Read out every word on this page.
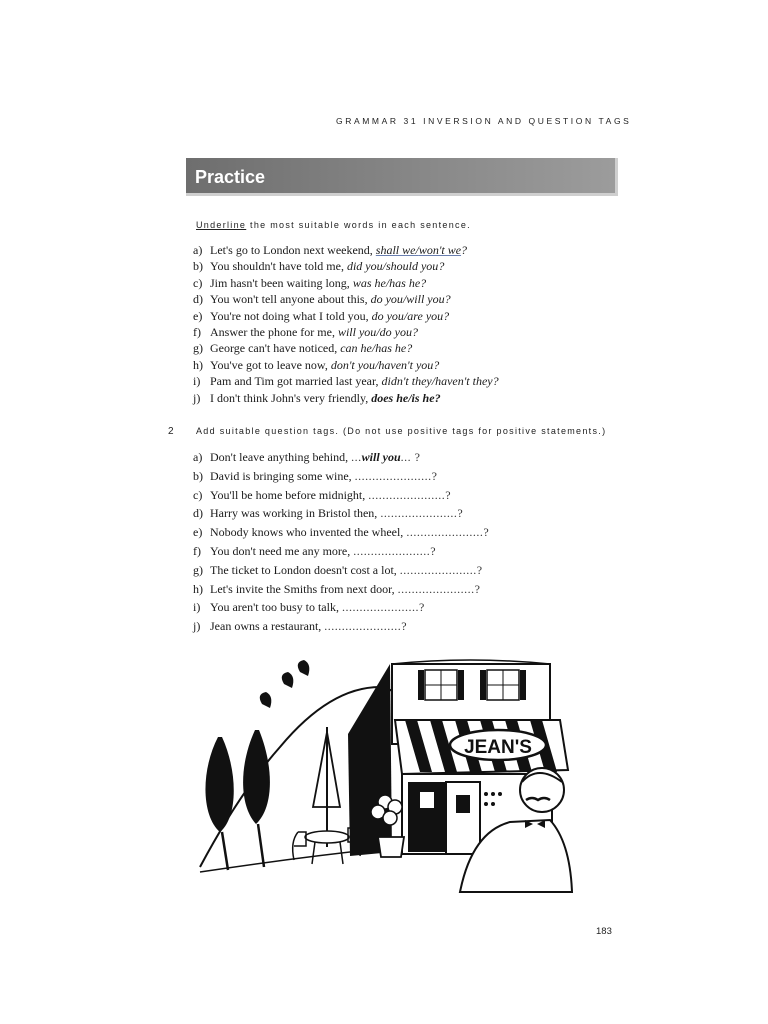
GRAMMAR 31 INVERSION AND QUESTION TAGS
Practice
Underline the most suitable words in each sentence.
a) Let's go to London next weekend, shall we/won't we?
b) You shouldn't have told me, did you/should you?
c) Jim hasn't been waiting long, was he/has he?
d) You won't tell anyone about this, do you/will you?
e) You're not doing what I told you, do you/are you?
f) Answer the phone for me, will you/do you?
g) George can't have noticed, can he/has he?
h) You've got to leave now, don't you/haven't you?
i) Pam and Tim got married last year, didn't they/haven't they?
j) I don't think John's very friendly, does he/is he?
2 Add suitable question tags. (Do not use positive tags for positive statements.)
a) Don't leave anything behind, ...will you... ?
b) David is bringing some wine, ......................?
c) You'll be home before midnight, ......................?
d) Harry was working in Bristol then, ......................?
e) Nobody knows who invented the wheel, ......................?
f) You don't need me any more, ......................?
g) The ticket to London doesn't cost a lot, ......................?
h) Let's invite the Smiths from next door, ......................?
i) You aren't too busy to talk, ......................?
j) Jean owns a restaurant, ......................?
JEAN'S
183
